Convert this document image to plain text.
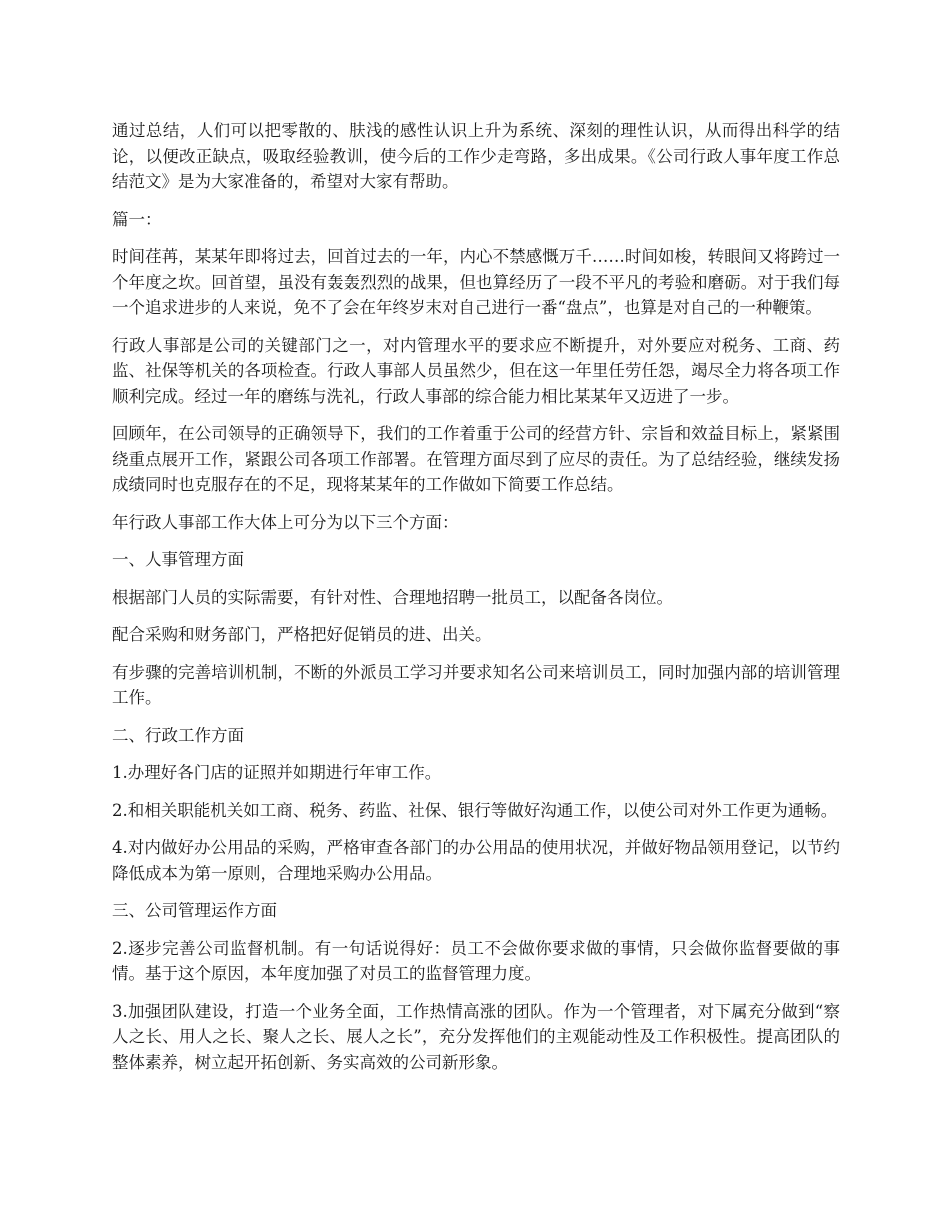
通过总结，人们可以把零散的、肤浅的感性认识上升为系统、深刻的理性认识，从而得出科学的结论，以便改正缺点，吸取经验教训，使今后的工作少走弯路，多出成果。《公司行政人事年度工作总结范文》是为大家准备的，希望对大家有帮助。

篇一：

时间荏苒，某某年即将过去，回首过去的一年，内心不禁感慨万千……时间如梭，转眼间又将跨过一个年度之坎。回首望，虽没有轰轰烈烈的战果，但也算经历了一段不平凡的考验和磨砺。对于我们每一个追求进步的人来说，免不了会在年终岁末对自己进行一番“盘点”，也算是对自己的一种鞭策。

行政人事部是公司的关键部门之一，对内管理水平的要求应不断提升，对外要应对税务、工商、药监、社保等机关的各项检查。行政人事部人员虽然少，但在这一年里任劳任怨，竭尽全力将各项工作顺利完成。经过一年的磨练与洗礼，行政人事部的综合能力相比某某年又迈进了一步。

回顾年，在公司领导的正确领导下，我们的工作着重于公司的经营方针、宗旨和效益目标上，紧紧围绕重点展开工作，紧跟公司各项工作部署。在管理方面尽到了应尽的责任。为了总结经验，继续发扬成绩同时也克服存在的不足，现将某某年的工作做如下简要工作总结。

年行政人事部工作大体上可分为以下三个方面：

一、人事管理方面

根据部门人员的实际需要，有针对性、合理地招聘一批员工，以配备各岗位。

配合采购和财务部门，严格把好促销员的进、出关。

有步骤的完善培训机制，不断的外派员工学习并要求知名公司来培训员工，同时加强内部的培训管理工作。

二、行政工作方面

1.办理好各门店的证照并如期进行年审工作。

2.和相关职能机关如工商、税务、药监、社保、银行等做好沟通工作，以使公司对外工作更为通畅。

4.对内做好办公用品的采购，严格审查各部门的办公用品的使用状况，并做好物品领用登记，以节约降低成本为第一原则，合理地采购办公用品。

三、公司管理运作方面

2.逐步完善公司监督机制。有一句话说得好：员工不会做你要求做的事情，只会做你监督要做的事情。基于这个原因，本年度加强了对员工的监督管理力度。

3.加强团队建设，打造一个业务全面，工作热情高涨的团队。作为一个管理者，对下属充分做到“察人之长、用人之长、聚人之长、展人之长”，充分发挥他们的主观能动性及工作积极性。提高团队的整体素养，树立起开拓创新、务实高效的公司新形象。
